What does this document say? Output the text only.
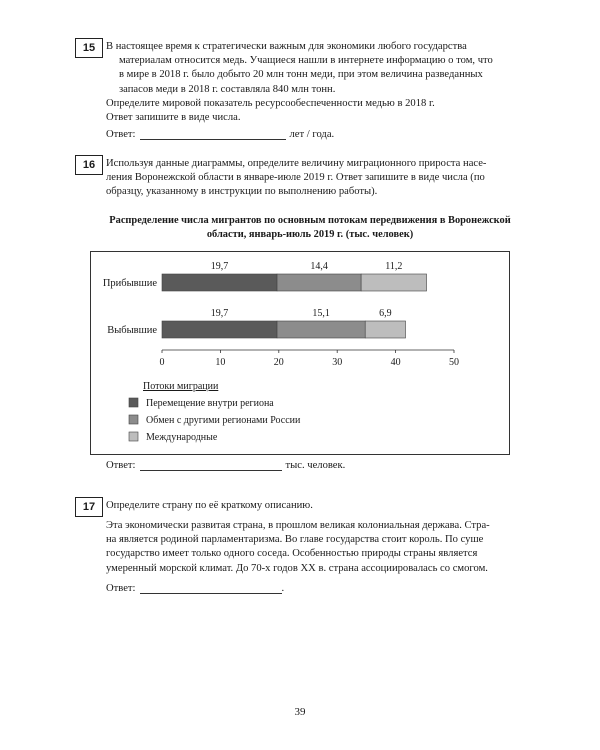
15	В настоящее время к стратегически важным для экономики любого государства
материалам относится медь. Учащиеся нашли в интернете информацию о том, что
в мире в 2018 г. было добыто 20 млн тонн меди, при этом величина разведанных
запасов меди в 2018 г. составляла 840 млн тонн.
Определите мировой показатель ресурсообеспеченности медью в 2018 г.
Ответ запишите в виде числа.
Ответ:	лет / года.
16	Используя данные диаграммы, определите величину миграционного прироста насе-
ления Воронежской области в январе-июле 2019 г. Ответ запишите в виде числа (по
образцу, указанному в инструкции по выполнению работы).
Распределение числа мигрантов по основным потокам передвижения в Воронежской области, январь-июль 2019 г. (тыс. человек)
Прибывшие
Выбывшие
19,7	14,4	11,2
19,7	15,1	6,9
0	10	20	30	40	50
Потоки миграции
Перемещение внутри региона
Обмен с другими регионами России
Международные
Ответ:	тыс. человек.
17	Определите страну по её краткому описанию.
Эта экономически развитая страна, в прошлом великая колониальная держава. Стра-
на является родиной парламентаризма. Во главе государства стоит король. По суше
государство имеет только одного соседа. Особенностью природы страны является
умеренный морской климат. До 70-х годов XX в. страна ассоциировалась со смогом.
Ответ:	.
39
